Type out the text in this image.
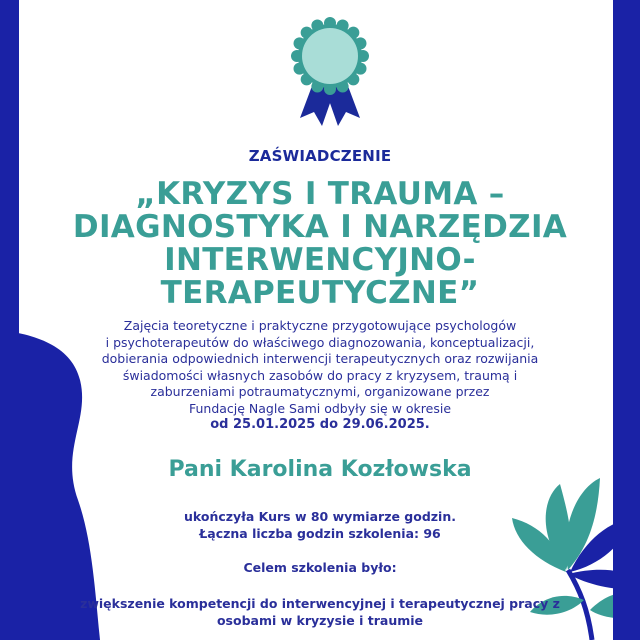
ZAŚWIADCZENIE
„KRYZYS I TRAUMA –
DIAGNOSTYKA I NARZĘDZIA
INTERWENCYJNO-
TERAPEUTYCZNE”
Zajęcia teoretyczne i praktyczne przygotowujące psychologów
i psychoterapeutów do właściwego diagnozowania, konceptualizacji,
dobierania odpowiednich interwencji terapeutycznych oraz rozwijania
świadomości własnych zasobów do pracy z kryzysem, traumą i
zaburzeniami potraumatycznymi, organizowane przez
Fundację Nagle Sami odbyły się w okresie
od 25.01.2025 do 29.06.2025.
Pani Karolina Kozłowska
ukończyła Kurs w 80 wymiarze godzin.
Łączna liczba godzin szkolenia: 96
Celem szkolenia było:
zwiększenie kompetencji do interwencyjnej i terapeutycznej pracy z
osobami w kryzysie i traumie
